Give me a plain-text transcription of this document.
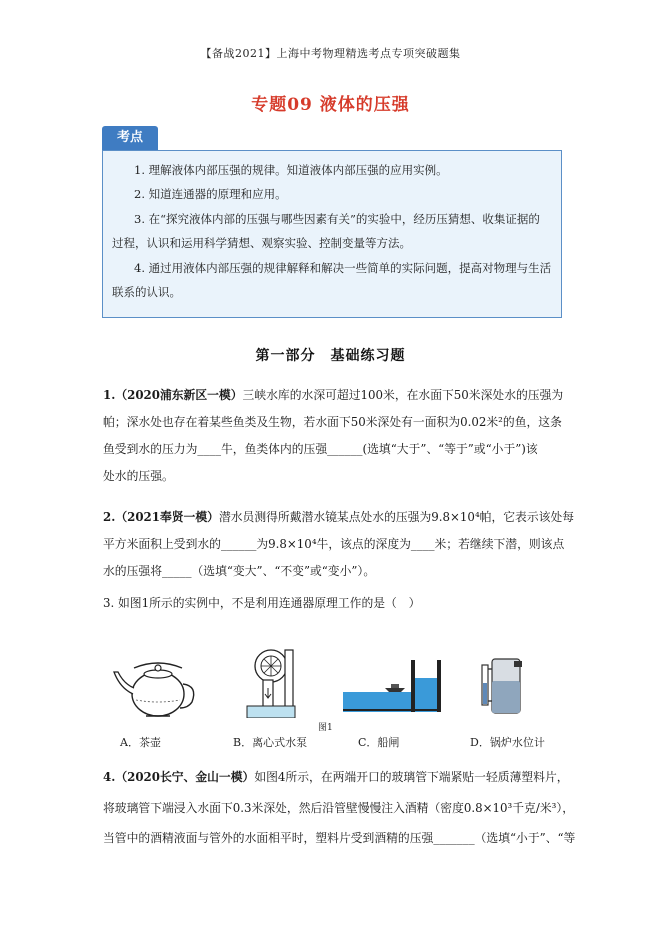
【备战2021】上海中考物理精选考点专项突破题集
专题09 液体的压强
考点
1. 理解液体内部压强的规律。知道液体内部压强的应用实例。
2. 知道连通器的原理和应用。
3. 在“探究液体内部的压强与哪些因素有关”的实验中，经历压猜想、收集证据的
过程，认识和运用科学猜想、观察实验、控制变量等方法。
4. 通过用液体内部压强的规律解释和解决一些简单的实际问题，提高对物理与生活
联系的认识。
第一部分　基础练习题
1.（2020浦东新区一模）三峡水库的水深可超过100米，在水面下50米深处水的压强为
帕；深水处也存在着某些鱼类及生物，若水面下50米深处有一面积为0.02米²的鱼，这条
鱼受到水的压力为____牛，鱼类体内的压强______(选填“大于”、“等于”或“小于”)该
处水的压强。
2.（2021奉贤一模）潜水员测得所戴潜水镜某点处水的压强为9.8×10⁴帕，它表示该处每
平方米面积上受到水的______为9.8×10⁴牛，该点的深度为____米；若继续下潜，则该点
水的压强将_____（选填“变大”、“不变”或“变小”）。
3. 如图1所示的实例中，不是利用连通器原理工作的是（　）
图1
A．茶壶	B．离心式水泵	C．船闸	D．锅炉水位计
4.（2020长宁、金山一模）如图4所示，在两端开口的玻璃管下端紧贴一轻质薄塑料片，
将玻璃管下端浸入水面下0.3米深处，然后沿管壁慢慢注入酒精（密度0.8×10³千克/米³），
当管中的酒精液面与管外的水面相平时，塑料片受到酒精的压强_______（选填“小于”、“等
